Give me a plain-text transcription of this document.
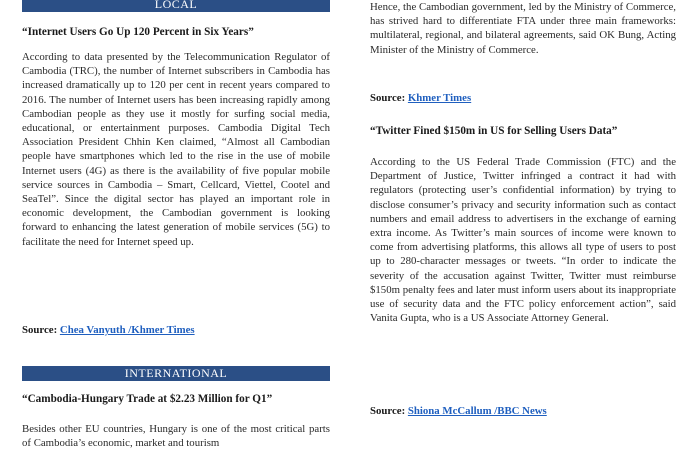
LOCAL

“Internet Users Go Up 120 Percent in Six Years”

According to data presented by the Telecommunication Regulator of Cambodia (TRC), the number of Internet subscribers in Cambodia has increased dramatically up to 120 per cent in recent years compared to 2016. The number of Internet users has been increasing rapidly among Cambodian people as they use it mostly for surfing social media, educational, or entertainment purposes. Cambodia Digital Tech Association President Chhin Ken claimed, “Almost all Cambodian people have smartphones which led to the rise in the use of mobile Internet users (4G) as there is the availability of five popular mobile service sources in Cambodia – Smart, Cellcard, Viettel, Cootel and SeaTel”. Since the digital sector has played an important role in economic development, the Cambodian government is looking forward to enhancing the latest generation of mobile services (5G) to facilitate the need for Internet speed up.

Source: Chea Vanyuth /Khmer Times

INTERNATIONAL

“Cambodia-Hungary Trade at $2.23 Million for Q1”

Besides other EU countries, Hungary is one of the most critical parts of Cambodia’s economic, market and tourism

Hence, the Cambodian government, led by the Ministry of Commerce, has strived hard to differentiate FTA under three main frameworks: multilateral, regional, and bilateral agreements, said OK Bung, Acting Minister of the Ministry of Commerce.

Source: Khmer Times

“Twitter Fined $150m in US for Selling Users Data”

According to the US Federal Trade Commission (FTC) and the Department of Justice, Twitter infringed a contract it had with regulators (protecting user’s confidential information) by trying to disclose consumer’s privacy and security information such as contact numbers and email address to advertisers in the exchange of earning extra income. As Twitter’s main sources of income were known to come from advertising platforms, this allows all type of users to post up to 280-character messages or tweets. “In order to indicate the severity of the accusation against Twitter, Twitter must reimburse $150m penalty fees and later must inform users about its inappropriate use of security data and the FTC policy enforcement action”, said Vanita Gupta, who is a US Associate Attorney General.

Source: Shiona McCallum /BBC News
